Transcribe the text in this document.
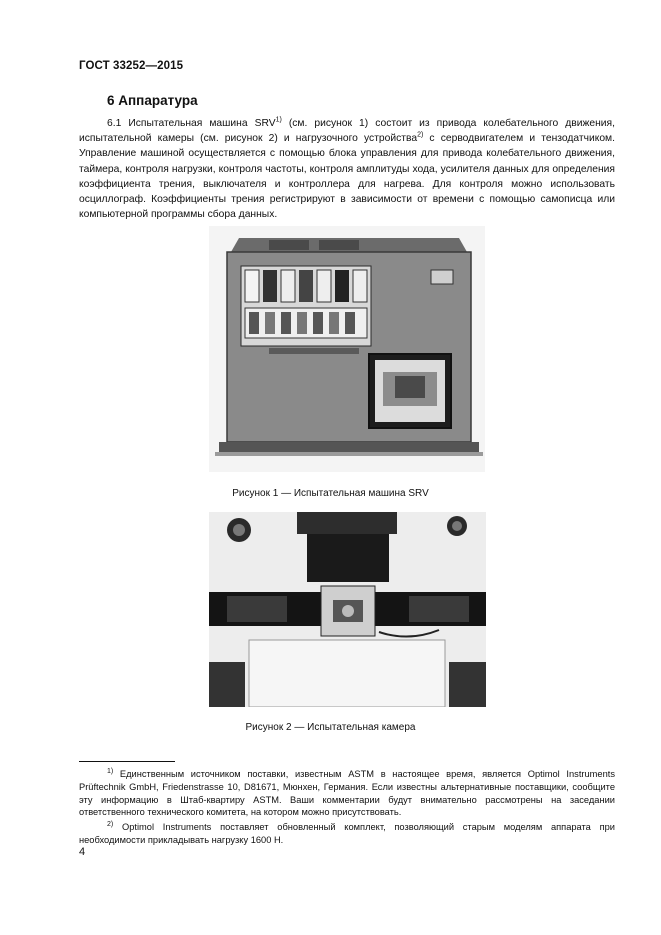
ГОСТ 33252—2015
6 Аппаратура
6.1 Испытательная машина SRV$^{1)}$ (см. рисунок 1) состоит из привода колебательного движения, испытательной камеры (см. рисунок 2) и нагрузочного устройства$^{2)}$ с серводвигателем и тензодатчиком. Управление машиной осуществляется с помощью блока управления для привода колебательного движения, таймера, контроля нагрузки, контроля частоты, контроля амплитуды хода, усилителя данных для определения коэффициента трения, выключателя и контроллера для нагрева. Для контроля можно использовать осциллограф. Коэффициенты трения регистрируют в зависимости от времени с помощью самописца или компьютерной программы сбора данных.
Рисунок 1 — Испытательная машина SRV
Рисунок 2 — Испытательная камера

$^{1)}$ Единственным источником поставки, известным ASTM в настоящее время, является Optimol Instruments Prüftechnik GmbH, Friedenstrasse 10, D81671, Мюнхен, Германия. Если известны альтернативные поставщики, сообщите эту информацию в Штаб-квартиру ASTM. Ваши комментарии будут внимательно рассмотрены на заседании ответственного технического комитета, на котором можно присутствовать.

$^{2)}$ Optimol Instruments поставляет обновленный комплект, позволяющий старым моделям аппарата при необходимости прикладывать нагрузку 1600 Н.

4
